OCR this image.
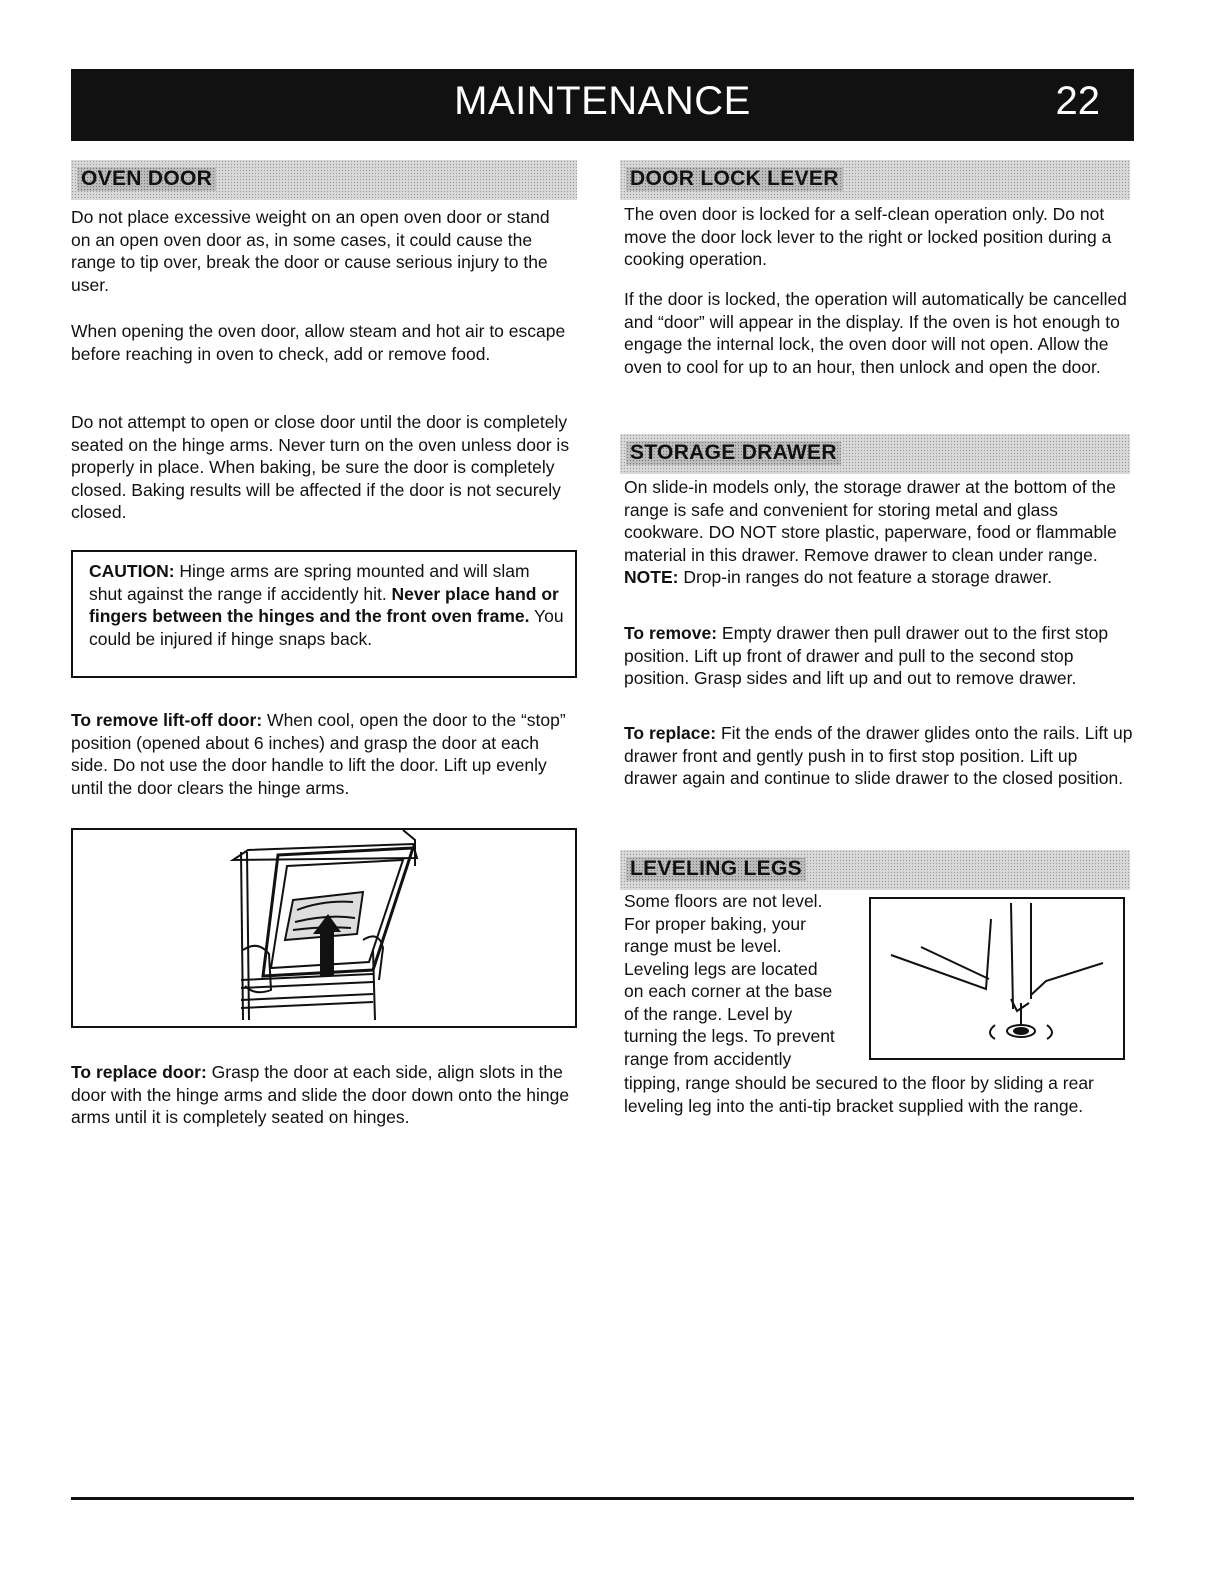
MAINTENANCE	22
OVEN DOOR

Do not place excessive weight on an open oven door or stand on an open oven door as, in some cases, it could cause the range to tip over, break the door or cause serious injury to the user.

When opening the oven door, allow steam and hot air to escape before reaching in oven to check, add or remove food.

Do not attempt to open or close door until the door is completely seated on the hinge arms. Never turn on the oven unless door is properly in place. When baking, be sure the door is completely closed. Baking results will be affected if the door is not securely closed.

CAUTION: Hinge arms are spring mounted and will slam shut against the range if accidently hit. Never place hand or fingers between the hinges and the front oven frame. You could be injured if hinge snaps back.

To remove lift-off door: When cool, open the door to the “stop” position (opened about 6 inches) and grasp the door at each side. Do not use the door handle to lift the door. Lift up evenly until the door clears the hinge arms.

To replace door: Grasp the door at each side, align slots in the door with the hinge arms and slide the door down onto the hinge arms until it is completely seated on hinges.

DOOR LOCK LEVER

The oven door is locked for a self-clean operation only. Do not move the door lock lever to the right or locked position during a cooking operation.

If the door is locked, the operation will automatically be cancelled and “door” will appear in the display. If the oven is hot enough to engage the internal lock, the oven door will not open. Allow the oven to cool for up to an hour, then unlock and open the door.

STORAGE DRAWER

On slide-in models only, the storage drawer at the bottom of the range is safe and convenient for storing metal and glass cookware. DO NOT store plastic, paperware, food or flammable material in this drawer. Remove drawer to clean under range. NOTE: Drop-in ranges do not feature a storage drawer.

To remove: Empty drawer then pull drawer out to the first stop position. Lift up front of drawer and pull to the second stop position. Grasp sides and lift up and out to remove drawer.

To replace: Fit the ends of the drawer glides onto the rails. Lift up drawer front and gently push in to first stop position. Lift up drawer again and continue to slide drawer to the closed position.

LEVELING LEGS
Some floors are not level.
For proper baking, your
range must be level.
Leveling legs are located
on each corner at the base
of the range. Level by
turning the legs. To prevent
range from accidently

tipping, range should be secured to the floor by sliding a rear leveling leg into the anti-tip bracket supplied with the range.
